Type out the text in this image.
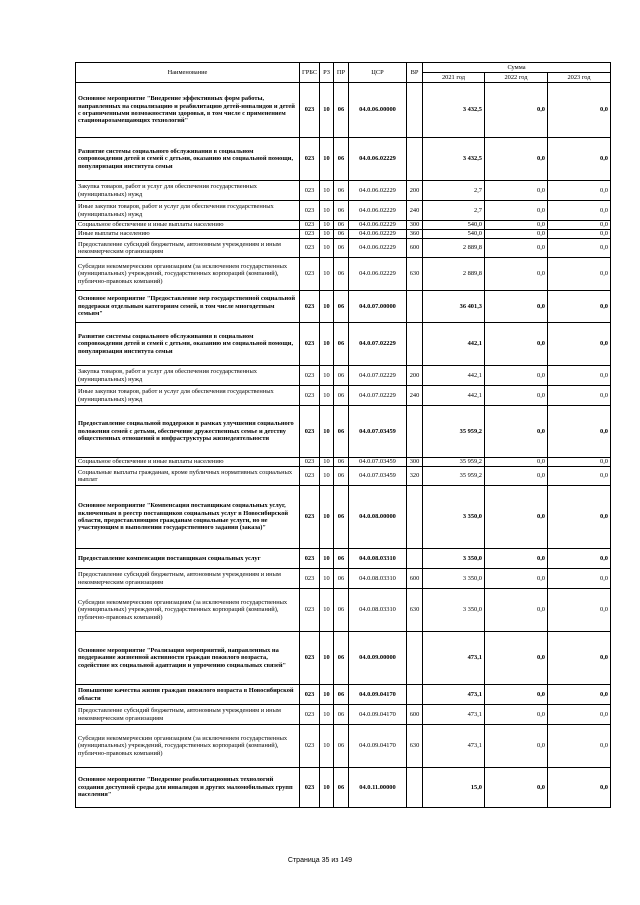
Наименование	ГРБС	РЗ	ПР	ЦСР	ВР	Сумма		
						2021 год	2022 год	2023 год
Основное мероприятие "Внедрение эффективных форм работы, направленных на социализацию и реабилитацию детей-инвалидов и детей с ограниченными возможностями здоровья, в том числе с применением стационарозамещающих технологий"	023	10	06	04.0.06.00000		3 432,5	0,0	0,0
Развитие системы социального обслуживания в социальном сопровождении детей и семей с детьми, оказанию им социальной помощи, популяризация института семьи	023	10	06	04.0.06.02229		3 432,5	0,0	0,0
Закупка товаров, работ и услуг для обеспечения государственных (муниципальных) нужд	023	10	06	04.0.06.02229	200	2,7	0,0	0,0
Иные закупки товаров, работ и услуг для обеспечения государственных (муниципальных) нужд	023	10	06	04.0.06.02229	240	2,7	0,0	0,0
Социальное обеспечение и иные выплаты населению	023	10	06	04.0.06.02229	300	540,0	0,0	0,0
Иные выплаты населению	023	10	06	04.0.06.02229	360	540,0	0,0	0,0
Предоставление субсидий бюджетным, автономным учреждениям и иным некоммерческим организациям	023	10	06	04.0.06.02229	600	2 889,8	0,0	0,0
Субсидии некоммерческим организациям (за исключением государственных (муниципальных) учреждений, государственных корпораций (компаний), публично-правовых компаний)	023	10	06	04.0.06.02229	630	2 889,8	0,0	0,0
Основное мероприятие "Предоставление мер государственной социальной поддержки отдельным категориям семей, в том числе многодетным семьям"	023	10	06	04.0.07.00000		36 401,3	0,0	0,0
Развитие системы социального обслуживания в социальном сопровождении детей и семей с детьми, оказанию им социальной помощи, популяризация института семьи	023	10	06	04.0.07.02229		442,1	0,0	0,0
Закупка товаров, работ и услуг для обеспечения государственных (муниципальных) нужд	023	10	06	04.0.07.02229	200	442,1	0,0	0,0
Иные закупки товаров, работ и услуг для обеспечения государственных (муниципальных) нужд	023	10	06	04.0.07.02229	240	442,1	0,0	0,0
Предоставление социальной поддержки в рамках улучшения социального положения семей с детьми, обеспечение дружественных семье и детству общественных отношений и инфраструктуры жизнедеятельности	023	10	06	04.0.07.03459		35 959,2	0,0	0,0
Социальное обеспечение и иные выплаты населению	023	10	06	04.0.07.03459	300	35 959,2	0,0	0,0
Социальные выплаты гражданам, кроме публичных нормативных социальных выплат	023	10	06	04.0.07.03459	320	35 959,2	0,0	0,0
Основное мероприятие "Компенсация поставщикам социальных услуг, включенным в реестр поставщиков социальных услуг в Новосибирской области, предоставляющим гражданам социальные услуги, но не участвующим в выполнении государственного задания (заказа)"	023	10	06	04.0.08.00000		3 350,0	0,0	0,0
Предоставление компенсации поставщикам социальных услуг	023	10	06	04.0.08.03310		3 350,0	0,0	0,0
Предоставление субсидий бюджетным, автономным учреждениям и иным некоммерческим организациям	023	10	06	04.0.08.03310	600	3 350,0	0,0	0,0
Субсидии некоммерческим организациям (за исключением государственных (муниципальных) учреждений, государственных корпораций (компаний), публично-правовых компаний)	023	10	06	04.0.08.03310	630	3 350,0	0,0	0,0
Основное мероприятие "Реализация мероприятий, направленных на поддержание жизненной активности граждан пожилого возраста, содействие их социальной адаптации и упрочению социальных связей"	023	10	06	04.0.09.00000		473,1	0,0	0,0
Повышение качества жизни граждан пожилого возраста в Новосибирской области	023	10	06	04.0.09.04170		473,1	0,0	0,0
Предоставление субсидий бюджетным, автономным учреждениям и иным некоммерческим организациям	023	10	06	04.0.09.04170	600	473,1	0,0	0,0
Субсидии некоммерческим организациям (за исключением государственных (муниципальных) учреждений, государственных корпораций (компаний), публично-правовых компаний)	023	10	06	04.0.09.04170	630	473,1	0,0	0,0
Основное мероприятие "Внедрение реабилитационных технологий создания доступной среды для инвалидов и других маломобильных групп населения"	023	10	06	04.0.11.00000		15,0	0,0	0,0
Страница 35 из 149
